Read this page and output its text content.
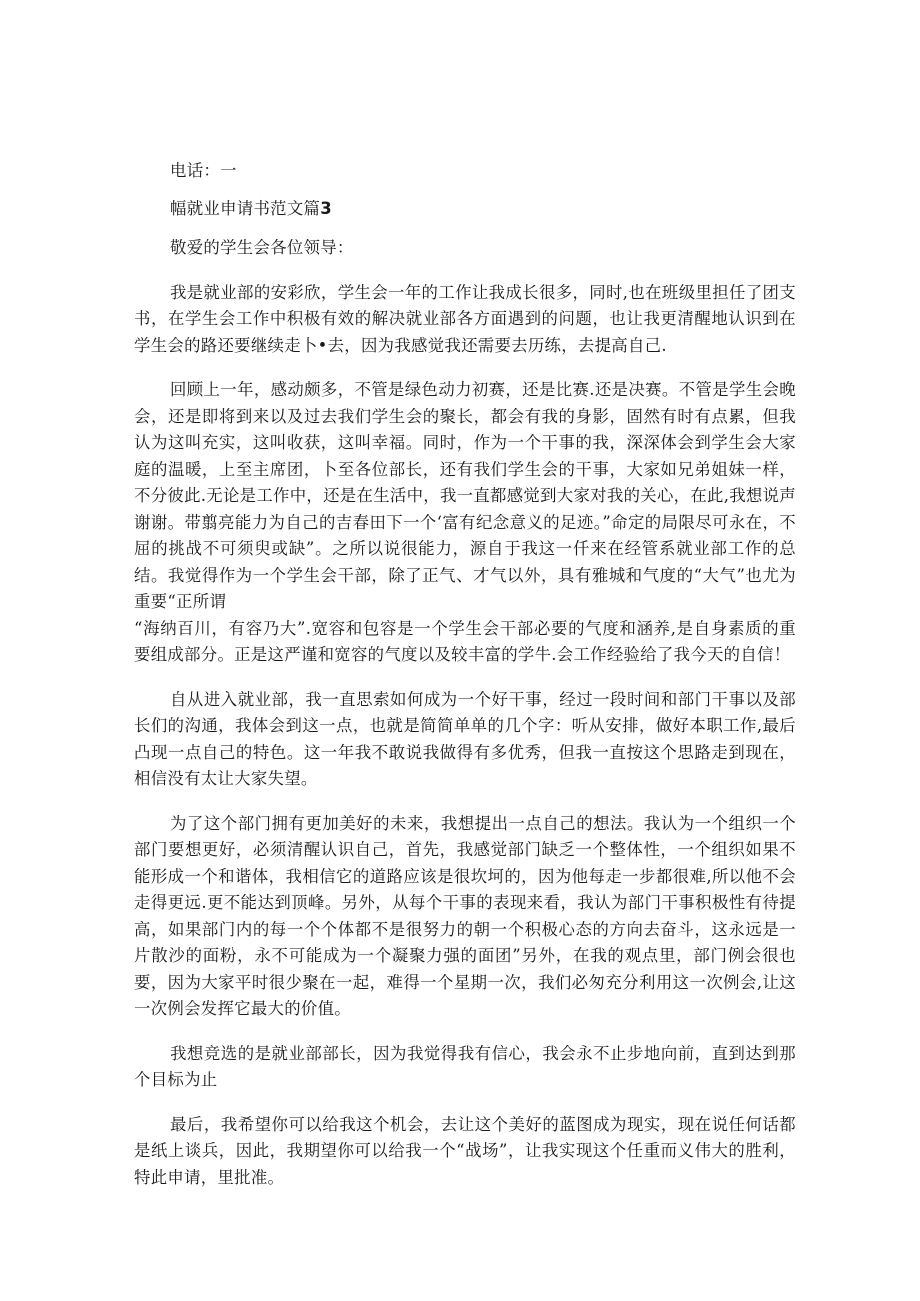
电话：一

幅就业申请书范文篇3

敬爱的学生会各位领导：

我是就业部的安彩欣，学生会一年的工作让我成长很多，同时,也在班级里担任了团支书，在学生会工作中积极有效的解决就业部各方面遇到的问题，也让我更清醒地认识到在学生会的路还要继续走卜•去，因为我感觉我还需要去历练，去提高自己.

回顾上一年，感动颇多，不管是绿色动力初赛，还是比赛.还是决赛。不管是学生会晚会，还是即将到来以及过去我们学生会的聚长，都会有我的身影，固然有时有点累，但我认为这叫充实，这叫收获，这叫幸福。同时，作为一个干事的我，深深体会到学生会大家庭的温暖，上至主席团，卜至各位部长，还有我们学生会的干事，大家如兄弟姐妹一样，不分彼此.无论是工作中，还是在生活中，我一直都感觉到大家对我的关心，在此,我想说声谢谢。带翦亮能力为自己的吉春田下一个‘富有纪念意义的足迹。”命定的局限尽可永在，不屈的挑战不可须臾或缺”。之所以说很能力，源自于我这一仟来在经管系就业部工作的总结。我觉得作为一个学生会干部，除了正气、才气以外，具有雅城和气度的“大气”也尤为重要“正所谓

“海纳百川，有容乃大”.宽容和包容是一个学生会干部必要的气度和涵养,是自身素质的重要组成部分。正是这严谨和宽容的气度以及较丰富的学牛.会工作经验给了我今天的自信！

自从进入就业部，我一直思索如何成为一个好干事，经过一段时间和部门干事以及部长们的沟通，我体会到这一点，也就是简简单单的几个字：听从安排，做好本职工作,最后凸现一点自己的特色。这一年我不敢说我做得有多优秀，但我一直按这个思路走到现在，相信没有太让大家失望。

为了这个部门拥有更加美好的未来，我想提出一点自己的想法。我认为一个组织一个部门要想更好，必须清醒认识自己，首先，我感觉部门缺乏一个整体性，一个组织如果不能形成一个和谐体，我相信它的道路应该是很坎坷的，因为他每走一步都很难,所以他不会走得更远.更不能达到顶峰。另外，从每个干事的表现来看，我认为部门干事积极性有待提高，如果部门内的每一个个体都不是很努力的朝一个积极心态的方向去奋斗，这永远是一片散沙的面粉，永不可能成为一个凝聚力强的面团”另外，在我的观点里，部门例会很也要，因为大家平时很少聚在一起，难得一个星期一次，我们必匆充分利用这一次例会,让这一次例会发挥它最大的价值。

我想竞选的是就业部部长，因为我觉得我有信心，我会永不止步地向前，直到达到那个目标为止

最后，我希望你可以给我这个机会，去让这个美好的蓝图成为现实，现在说任何话都是纸上谈兵，因此，我期望你可以给我一个“战场”，让我实现这个任重而义伟大的胜利，特此申请，里批准。
